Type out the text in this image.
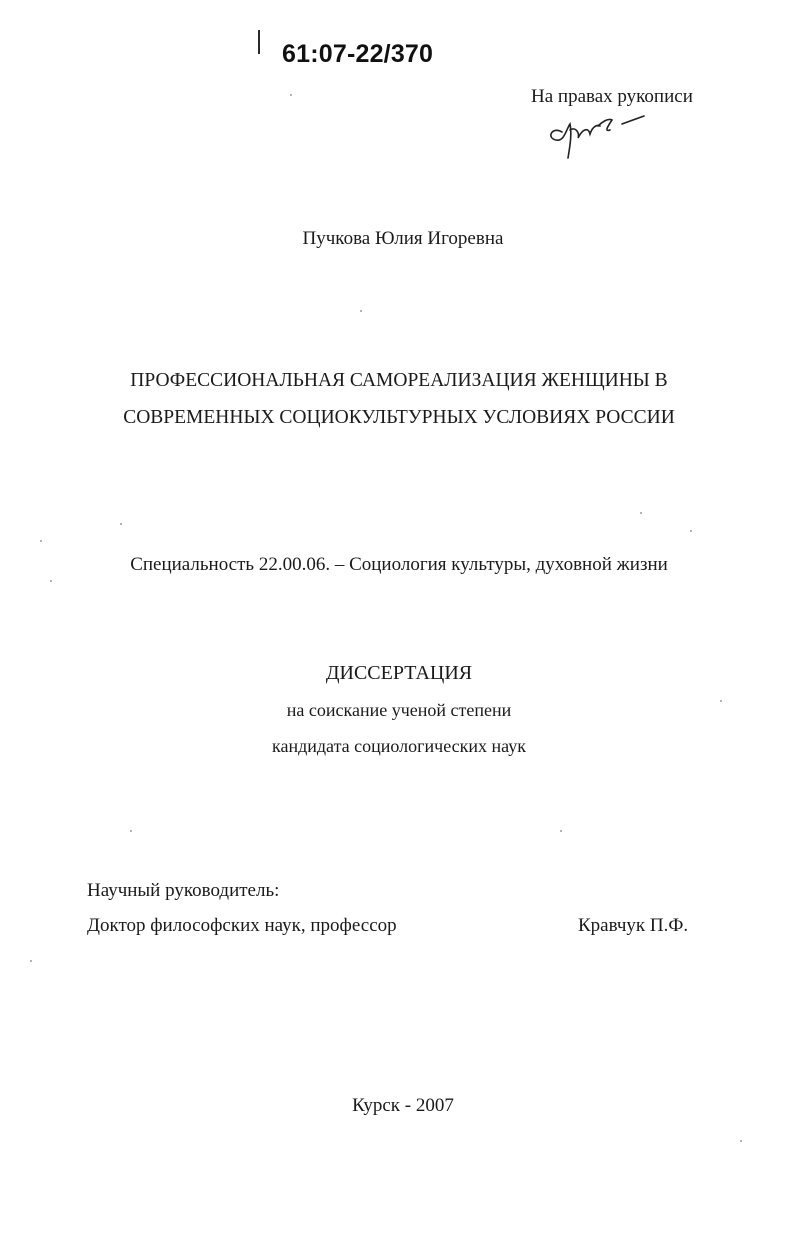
61:07-22/370
На правах рукописи
Пучкова Юлия Игоревна
ПРОФЕССИОНАЛЬНАЯ САМОРЕАЛИЗАЦИЯ ЖЕНЩИНЫ В
СОВРЕМЕННЫХ СОЦИОКУЛЬТУРНЫХ УСЛОВИЯХ РОССИИ
Специальность 22.00.06. – Социология культуры, духовной жизни
ДИССЕРТАЦИЯ
на соискание ученой степени
кандидата социологических наук
Научный руководитель:
Доктор философских наук, профессор	Кравчук П.Ф.
Курск - 2007
